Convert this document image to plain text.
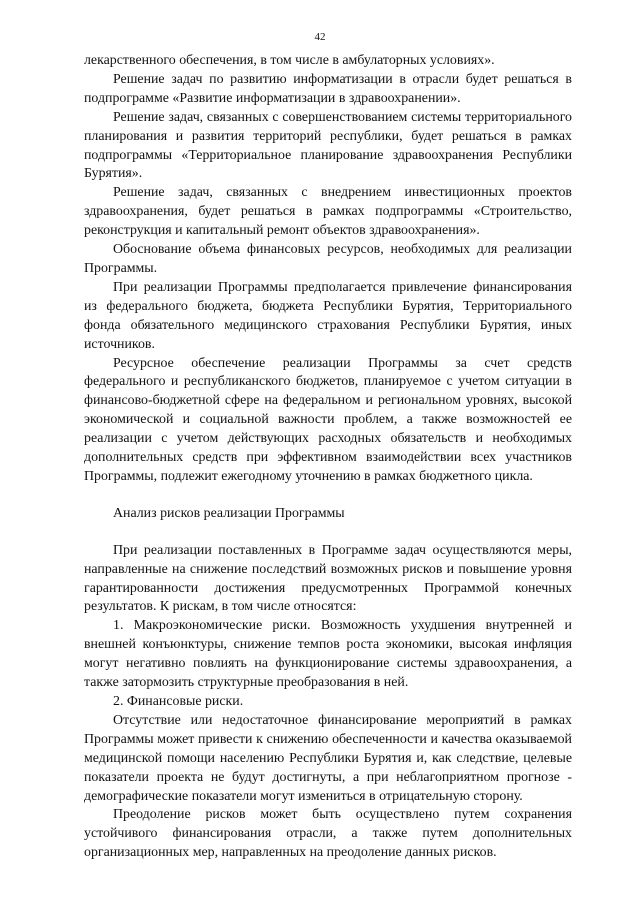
42

лекарственного обеспечения, в том числе в амбулаторных условиях».

Решение задач по развитию информатизации в отрасли будет решаться в подпрограмме «Развитие информатизации в здравоохранении».

Решение задач, связанных с совершенствованием системы территориального планирования и развития территорий республики, будет решаться в рамках подпрограммы «Территориальное планирование здравоохранения Республики Бурятия».

Решение задач, связанных с внедрением инвестиционных проектов здравоохранения, будет решаться в рамках подпрограммы «Строительство, реконструкция и капитальный ремонт объектов здравоохранения».

Обоснование объема финансовых ресурсов, необходимых для реализации Программы.

При реализации Программы предполагается привлечение финансирования из федерального бюджета, бюджета Республики Бурятия, Территориального фонда обязательного медицинского страхования Республики Бурятия, иных источников.

Ресурсное обеспечение реализации Программы за счет средств федерального и республиканского бюджетов, планируемое с учетом ситуации в финансово-бюджетной сфере на федеральном и региональном уровнях, высокой экономической и социальной важности проблем, а также возможностей ее реализации с учетом действующих расходных обязательств и необходимых дополнительных средств при эффективном взаимодействии всех участников Программы, подлежит ежегодному уточнению в рамках бюджетного цикла.

Анализ рисков реализации Программы

При реализации поставленных в Программе задач осуществляются меры, направленные на снижение последствий возможных рисков и повышение уровня гарантированности достижения предусмотренных Программой конечных результатов. К рискам, в том числе относятся:

1. Макроэкономические риски. Возможность ухудшения внутренней и внешней конъюнктуры, снижение темпов роста экономики, высокая инфляция могут негативно повлиять на функционирование системы здравоохранения, а также затормозить структурные преобразования в ней.

2. Финансовые риски.

Отсутствие или недостаточное финансирование мероприятий в рамках Программы может привести к снижению обеспеченности и качества оказываемой медицинской помощи населению Республики Бурятия и, как следствие, целевые показатели проекта не будут достигнуты, а при неблагоприятном прогнозе - демографические показатели могут измениться в отрицательную сторону.

Преодоление рисков может быть осуществлено путем сохранения устойчивого финансирования отрасли, а также путем дополнительных организационных мер, направленных на преодоление данных рисков.
